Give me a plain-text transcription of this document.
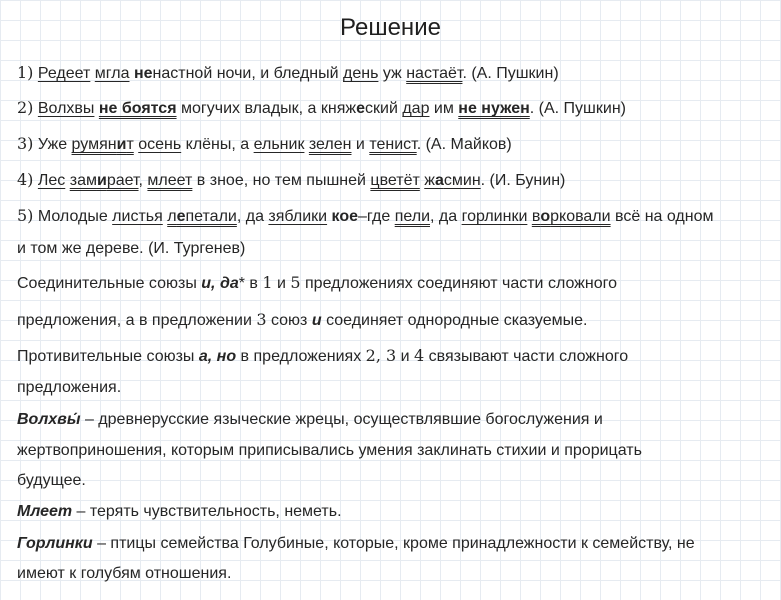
Решение
1) Редеет мгла ненастной ночи, и бледный день уж настаёт. (А. Пушкин)
2) Волхвы не боятся могучих владык, а княжеский дар им не нужен. (А. Пушкин)
3) Уже румянит осень клёны, а ельник зелен и тенист. (А. Майков)
4) Лес замирает, млеет в зное, но тем пышней цветёт жасмин. (И. Бунин)
5) Молодые листья лепетали, да зяблики кое–где пели, да горлинки ворковали всё на одном
и том же дереве. (И. Тургенев)
Соединительные союзы и, да* в 1 и 5 предложениях соединяют части сложного
предложения, а в предложении 3 союз и соединяет однородные сказуемые.
Противительные союзы а, но в предложениях 2, 3 и 4 связывают части сложного
предложения.
Волхвы́ – древнерусские языческие жрецы, осуществлявшие богослужения и
жертвоприношения, которым приписывались умения заклинать стихии и прорицать
будущее.
Млеет – терять чувствительность, неметь.
Горлинки – птицы семейства Голубиные, которые, кроме принадлежности к семейству, не
имеют к голубям отношения.
